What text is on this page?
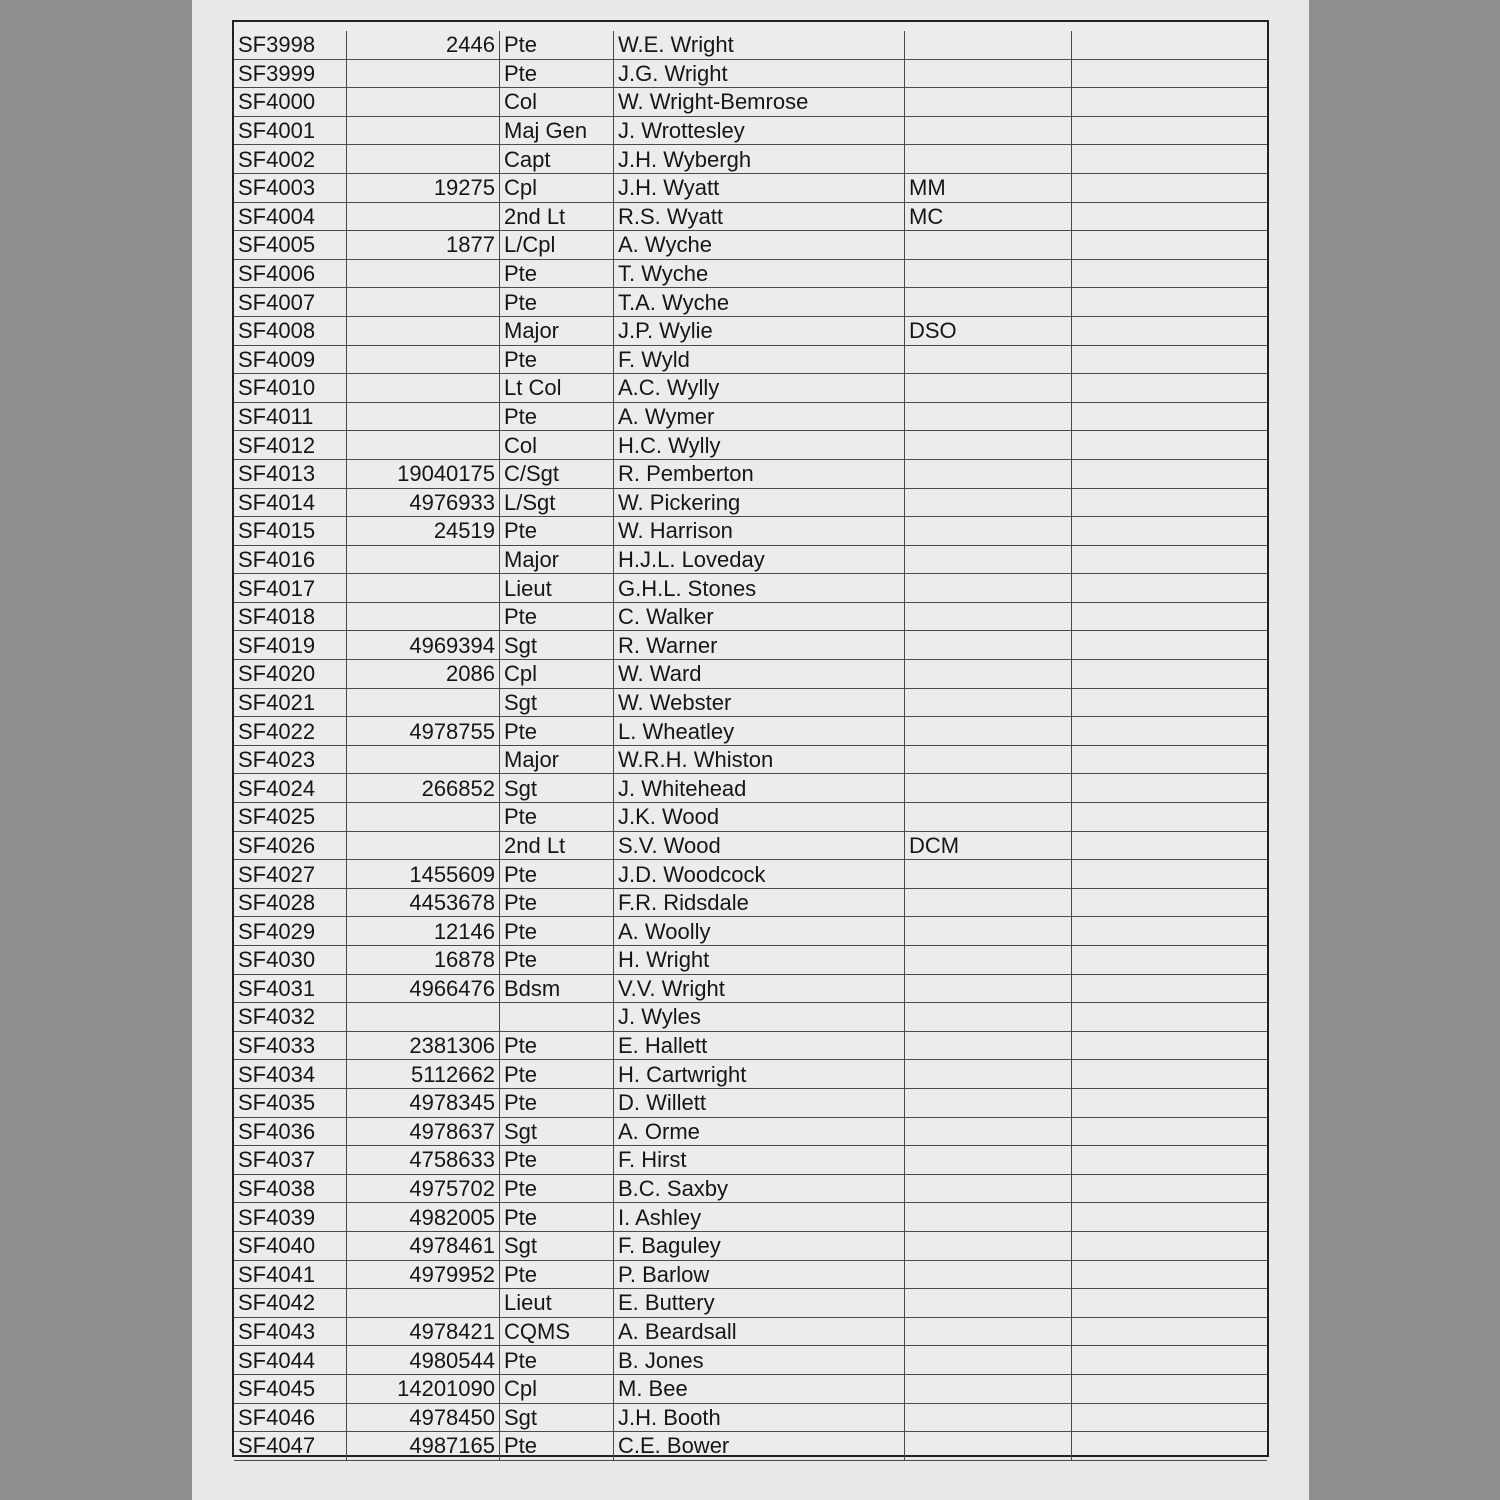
SF3998	2446	Pte	W.E. Wright		
SF3999		Pte	J.G. Wright		
SF4000		Col	W. Wright-Bemrose		
SF4001		Maj Gen	J. Wrottesley		
SF4002		Capt	J.H. Wybergh		
SF4003	19275	Cpl	J.H. Wyatt	MM	
SF4004		2nd Lt	R.S. Wyatt	MC	
SF4005	1877	L/Cpl	A. Wyche		
SF4006		Pte	T. Wyche		
SF4007		Pte	T.A. Wyche		
SF4008		Major	J.P. Wylie	DSO	
SF4009		Pte	F. Wyld		
SF4010		Lt Col	A.C. Wylly		
SF4011		Pte	A. Wymer		
SF4012		Col	H.C. Wylly		
SF4013	19040175	C/Sgt	R. Pemberton		
SF4014	4976933	L/Sgt	W. Pickering		
SF4015	24519	Pte	W. Harrison		
SF4016		Major	H.J.L. Loveday		
SF4017		Lieut	G.H.L. Stones		
SF4018		Pte	C. Walker		
SF4019	4969394	Sgt	R. Warner		
SF4020	2086	Cpl	W. Ward		
SF4021		Sgt	W. Webster		
SF4022	4978755	Pte	L. Wheatley		
SF4023		Major	W.R.H. Whiston		
SF4024	266852	Sgt	J. Whitehead		
SF4025		Pte	J.K. Wood		
SF4026		2nd Lt	S.V. Wood	DCM	
SF4027	1455609	Pte	J.D. Woodcock		
SF4028	4453678	Pte	F.R. Ridsdale		
SF4029	12146	Pte	A. Woolly		
SF4030	16878	Pte	H. Wright		
SF4031	4966476	Bdsm	V.V. Wright		
SF4032			J. Wyles		
SF4033	2381306	Pte	E. Hallett		
SF4034	5112662	Pte	H. Cartwright		
SF4035	4978345	Pte	D. Willett		
SF4036	4978637	Sgt	A. Orme		
SF4037	4758633	Pte	F. Hirst		
SF4038	4975702	Pte	B.C. Saxby		
SF4039	4982005	Pte	I. Ashley		
SF4040	4978461	Sgt	F. Baguley		
SF4041	4979952	Pte	P. Barlow		
SF4042		Lieut	E. Buttery		
SF4043	4978421	CQMS	A. Beardsall		
SF4044	4980544	Pte	B. Jones		
SF4045	14201090	Cpl	M. Bee		
SF4046	4978450	Sgt	J.H. Booth		
SF4047	4987165	Pte	C.E. Bower		
